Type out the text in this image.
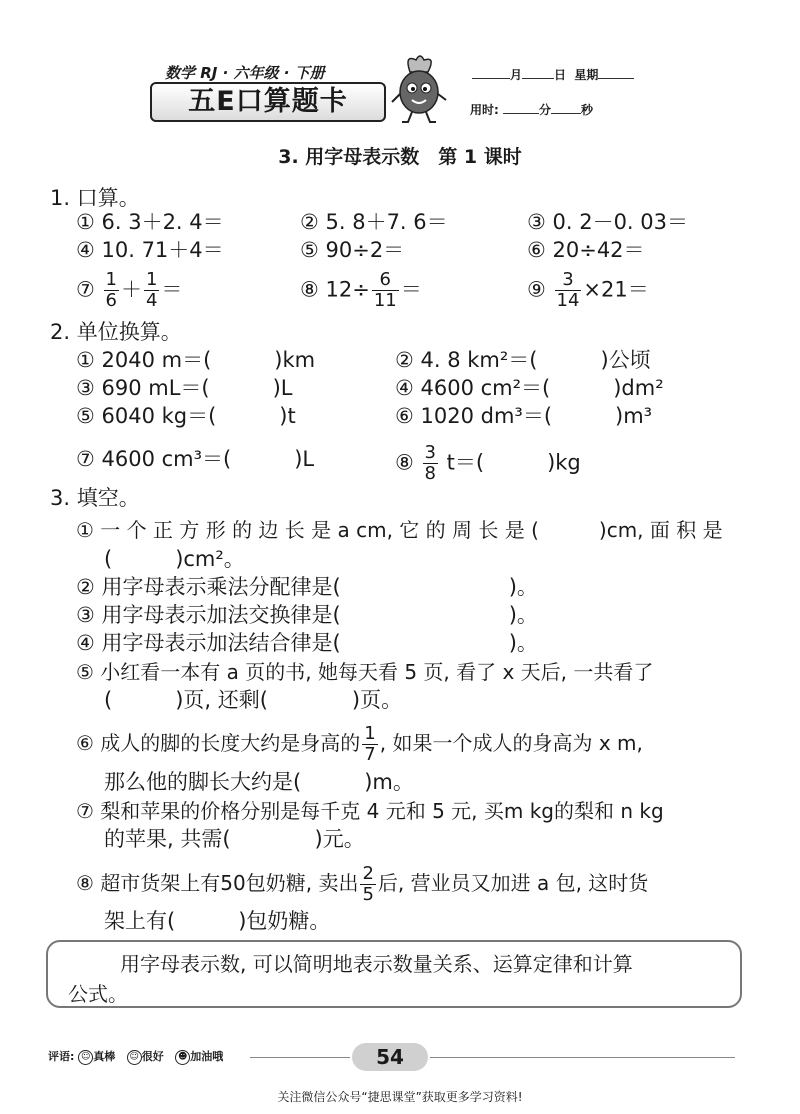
数学 RJ · 六年级 · 下册
五E口算题卡
月	日 星期
用时:	分	秒
3. 用字母表示数　第 1 课时
1. 口算。
① 6. 3＋2. 4＝	② 5. 8＋7. 6＝	③ 0. 2－0. 03＝
④ 10. 71＋4＝	⑤ 90÷2＝	⑥ 20÷42＝
⑦ $\frac{1}{6} + \frac{1}{4}$ ＝	⑧ $12\div \frac{6}{11}$ ＝	⑨ $\frac{3}{14} \times 21=$
2. 单位换算。
① 2040 m＝(　　　)km	② 4. 8 km²＝(　　　)公顷
③ 690 mL＝(　　　)L	④ 4600 cm²＝(　　　)dm²
⑤ 6040 kg＝(　　　)t	⑥ 1020 dm³＝(　　　)m³
⑦ 4600 cm³＝(　　　)L	⑧ $\frac{3}{8} t=$(　　　)kg
3. 填空。
① 一 个 正 方 形 的 边 长 是 a cm, 它 的 周 长 是 (　　　)cm, 面 积 是
(　　　)cm²。
② 用字母表示乘法分配律是(　　　　　　　　)。
③ 用字母表示加法交换律是(　　　　　　　　)。
④ 用字母表示加法结合律是(　　　　　　　　)。
⑤ 小红看一本有 a 页的书, 她每天看 5 页, 看了 x 天后, 一共看了
(　　　)页, 还剩(　　　　)页。
⑥ 成人的脚的长度大约是身高的 $\frac{1}{7}$ , 如果一个成人的身高为 x m,
那么他的脚长大约是(　　　)m。
⑦ 梨和苹果的价格分别是每千克 4 元和 5 元, 买m kg的梨和 n kg
的苹果, 共需(　　　　)元。
⑧ 超市货架上有50包奶糖, 卖出 $\frac{2}{5}$ 后, 营业员又加进 a 包, 这时货
架上有(　　　)包奶糖。
用字母表示数, 可以简明地表示数量关系、运算定律和计算
公式。
评语: ☺ 真棒 ☺ 很好 ☻ 加油哦	54
关注微信公众号“捷思课堂”获取更多学习资料!
